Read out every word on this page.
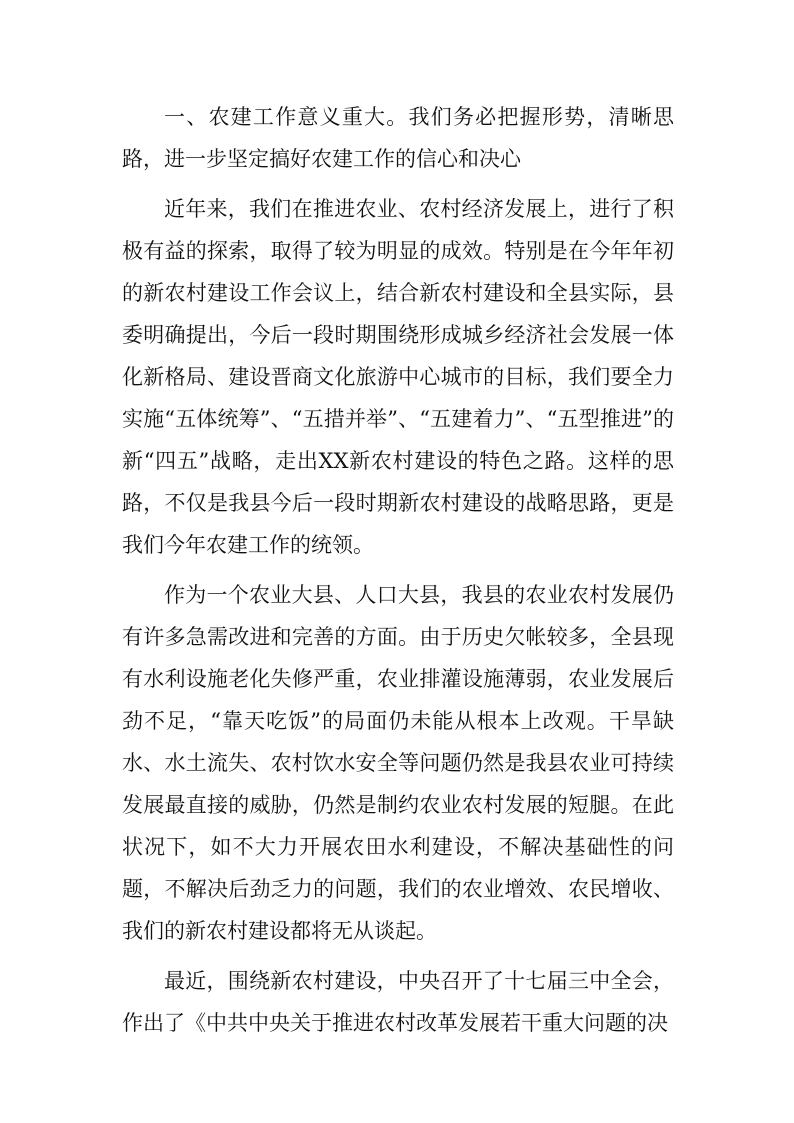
一、农建工作意义重大。我们务必把握形势，清晰思路，进一步坚定搞好农建工作的信心和决心

近年来，我们在推进农业、农村经济发展上，进行了积极有益的探索，取得了较为明显的成效。特别是在今年年初的新农村建设工作会议上，结合新农村建设和全县实际，县委明确提出，今后一段时期围绕形成城乡经济社会发展一体化新格局、建设晋商文化旅游中心城市的目标，我们要全力实施“五体统筹”、“五措并举”、“五建着力”、“五型推进”的新“四五”战略，走出XX新农村建设的特色之路。这样的思路，不仅是我县今后一段时期新农村建设的战略思路，更是我们今年农建工作的统领。

作为一个农业大县、人口大县，我县的农业农村发展仍有许多急需改进和完善的方面。由于历史欠帐较多，全县现有水利设施老化失修严重，农业排灌设施薄弱，农业发展后劲不足，“靠天吃饭”的局面仍未能从根本上改观。干旱缺水、水土流失、农村饮水安全等问题仍然是我县农业可持续发展最直接的威胁，仍然是制约农业农村发展的短腿。在此状况下，如不大力开展农田水利建设，不解决基础性的问题，不解决后劲乏力的问题，我们的农业增效、农民增收、我们的新农村建设都将无从谈起。

最近，围绕新农村建设，中央召开了十七届三中全会，作出了《中共中央关于推进农村改革发展若干重大问题的决
